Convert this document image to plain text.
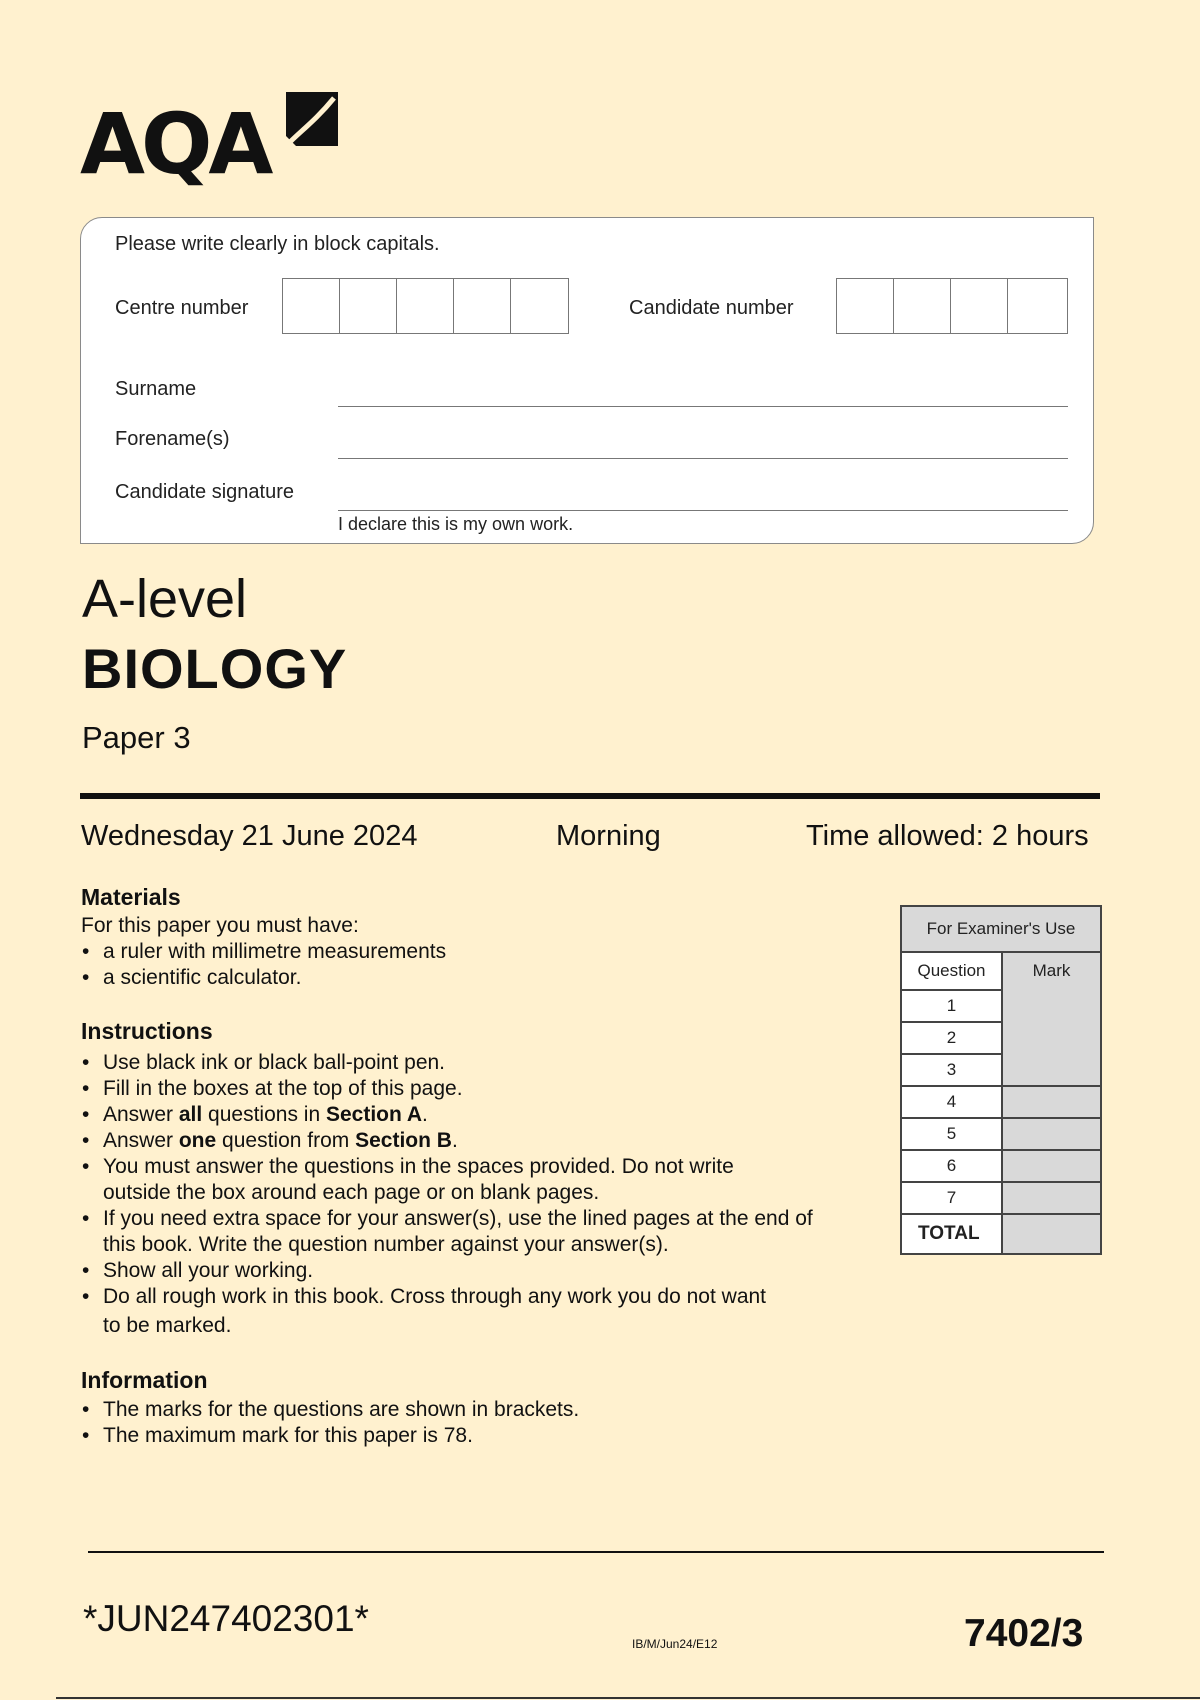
AQA
Please write clearly in block capitals.
Centre number	Candidate number
Surname
Forename(s)
Candidate signature
I declare this is my own work.
A-level
BIOLOGY
Paper 3
Wednesday 21 June 2024	Morning	Time allowed: 2 hours
Materials
For this paper you must have:
• a ruler with millimetre measurements
• a scientific calculator.
Instructions
• Use black ink or black ball-point pen.
• Fill in the boxes at the top of this page.
• Answer all questions in Section A.
• Answer one question from Section B.
• You must answer the questions in the spaces provided. Do not write
outside the box around each page or on blank pages.
• If you need extra space for your answer(s), use the lined pages at the end of
this book. Write the question number against your answer(s).
• Show all your working.
• Do all rough work in this book. Cross through any work you do not want
to be marked.
Information
• The marks for the questions are shown in brackets.
• The maximum mark for this paper is 78.
For Examiner's Use	
Question	Mark
1	
2	
3	
4	
5	
6	
7	
TOTAL	
*JUN247402301*
IB/M/Jun24/E12	7402/3
